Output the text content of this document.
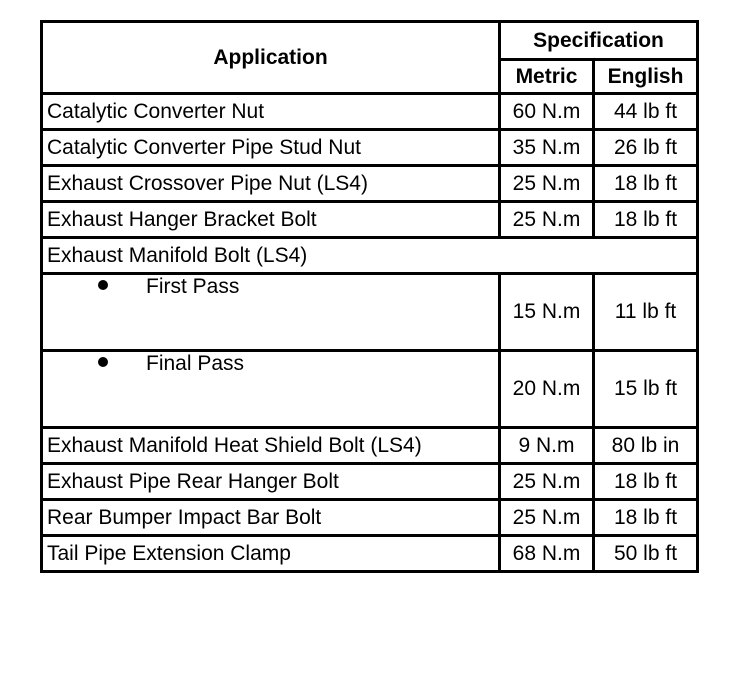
Application	Specification	
	Metric	English
Catalytic Converter Nut	60 N.m	44 lb ft
Catalytic Converter Pipe Stud Nut	35 N.m	26 lb ft
Exhaust Crossover Pipe Nut (LS4)	25 N.m	18 lb ft
Exhaust Hanger Bracket Bolt	25 N.m	18 lb ft
Exhaust Manifold Bolt (LS4)		
First Pass	15 N.m	11 lb ft
Final Pass	20 N.m	15 lb ft
Exhaust Manifold Heat Shield Bolt (LS4)	9 N.m	80 lb in
Exhaust Pipe Rear Hanger Bolt	25 N.m	18 lb ft
Rear Bumper Impact Bar Bolt	25 N.m	18 lb ft
Tail Pipe Extension Clamp	68 N.m	50 lb ft
